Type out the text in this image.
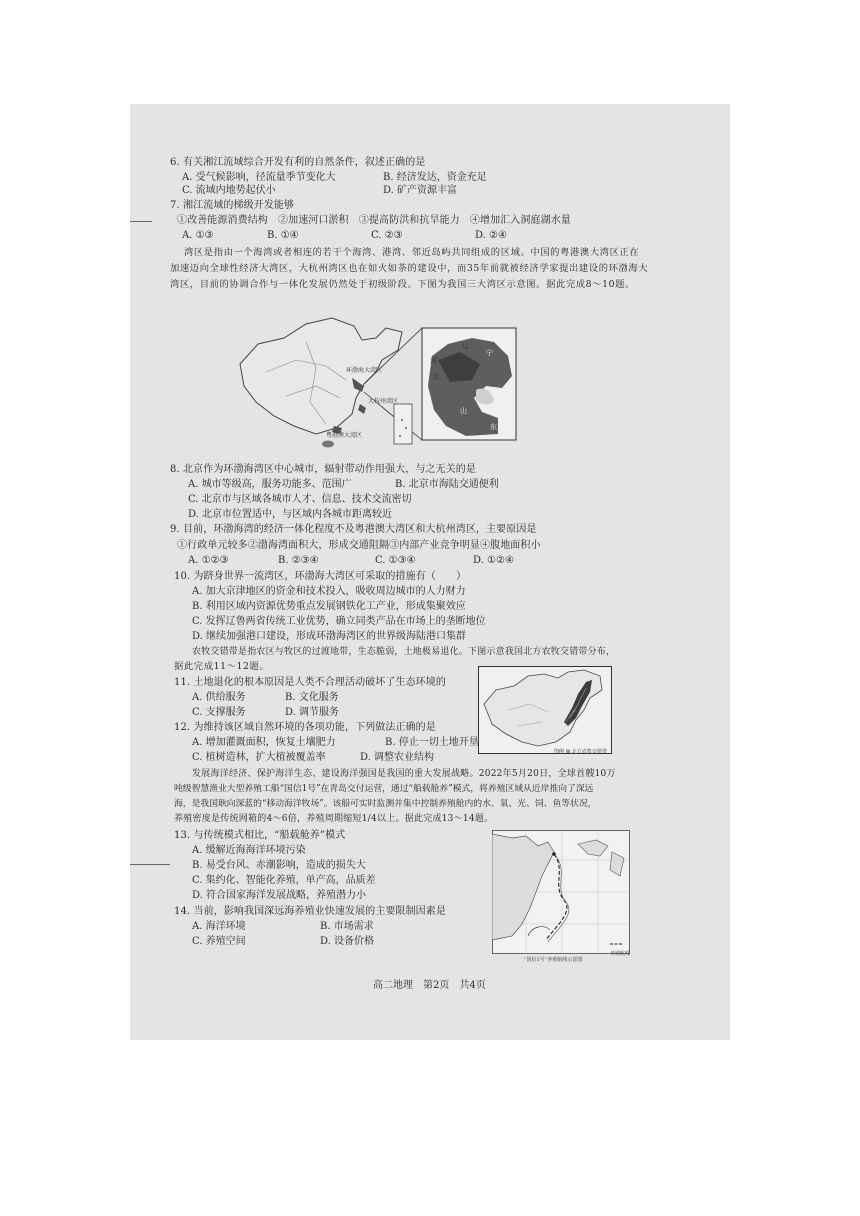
6. 有关湘江流域综合开发有利的自然条件，叙述正确的是
A. 受气候影响，径流量季节变化大	B. 经济发达，资金充足
C. 流域内地势起伏小	D. 矿产资源丰富
7. 湘江流域的梯级开发能够
①改善能源消费结构　②加速河口淤积　③提高防洪和抗旱能力　④增加汇入洞庭湖水量
A. ①③	B. ①④	C. ②③	D. ②④
湾区是指由一个海湾或者相连的若干个海湾、港湾、邻近岛屿共同组成的区域。中国的粤港澳大湾区正在
加速迈向全球性经济大湾区，大杭州湾区也在如火如荼的建设中，而35年前就被经济学家提出建设的环渤海大
湾区，目前的协调合作与一体化发展仍然处于初级阶段。下图为我国三大湾区示意图。据此完成8～10题。
环渤海大湾区
大杭州湾区
粤港澳大湾区
辽
宁
河
北
山
东
8. 北京作为环渤海湾区中心城市，辐射带动作用强大，与之无关的是
A. 城市等级高，服务功能多、范围广	B. 北京市海陆交通便利
C. 北京市与区域各城市人才、信息、技术交流密切
D. 北京市位置适中，与区域内各城市距离较近
9. 目前，环渤海湾的经济一体化程度不及粤港澳大湾区和大杭州湾区，主要原因是
①行政单元较多②渤海湾面积大，形成交通阻隔③内部产业竞争明显④腹地面积小
A. ①②③	B. ②③④	C. ①③④	D. ①②④
10. 为跻身世界一流湾区，环渤海大湾区可采取的措施有（　　）
A. 加大京津地区的资金和技术投入，吸收周边城市的人力财力
B. 利用区域内资源优势重点发展钢铁化工产业，形成集聚效应
C. 发挥辽鲁两省传统工业优势，确立同类产品在市场上的垄断地位
D. 继续加强港口建设，形成环渤海湾区的世界级海陆港口集群
农牧交错带是指农区与牧区的过渡地带，生态脆弱，土地极易退化。下图示意我国北方农牧交错带分布，
据此完成11～12题。
11. 土地退化的根本原因是人类不合理活动破坏了生态环境的
A. 供给服务	B. 文化服务
C. 支撑服务	D. 调节服务
图例 ▨ 北方农牧交错带
12. 为维持该区域自然环境的各项功能，下列做法正确的是
A. 增加灌溉面积，恢复土壤肥力	B. 停止一切土地开垦
C. 植树造林，扩大植被覆盖率	D. 调整农业结构
发展海洋经济、保护海洋生态、建设海洋强国是我国的重大发展战略。2022年5月20日，全球首艘10万
吨级智慧渔业大型养殖工船“国信1号”在青岛交付运营，通过“船载舱养”模式，将养殖区域从近岸推向了深远
海，是我国耿向深蓝的“移动海洋牧场”。该船可实时监测并集中控制养殖舱内的水、氧、光、饲、鱼等状况，
养殖密度是传统网箱的4～6倍，养殖周期缩短1/4以上。据此完成13～14题。
13. 与传统模式相比，“船载舱养”模式
A. 缓解近海海洋环境污染
B. 易受台风、赤潮影响，造成的损失大
C. 集约化、智能化养殖，单产高，品质差
D. 符合国家海洋发展战略，养殖潜力小
14. 当前，影响我国深远海养殖业快速发展的主要限制因素是
A. 海洋环境	B. 市场需求
C. 养殖空间	D. 设备价格
“国信1号”养殖航线示意图
养殖航线
高二地理　第2页　共4页
